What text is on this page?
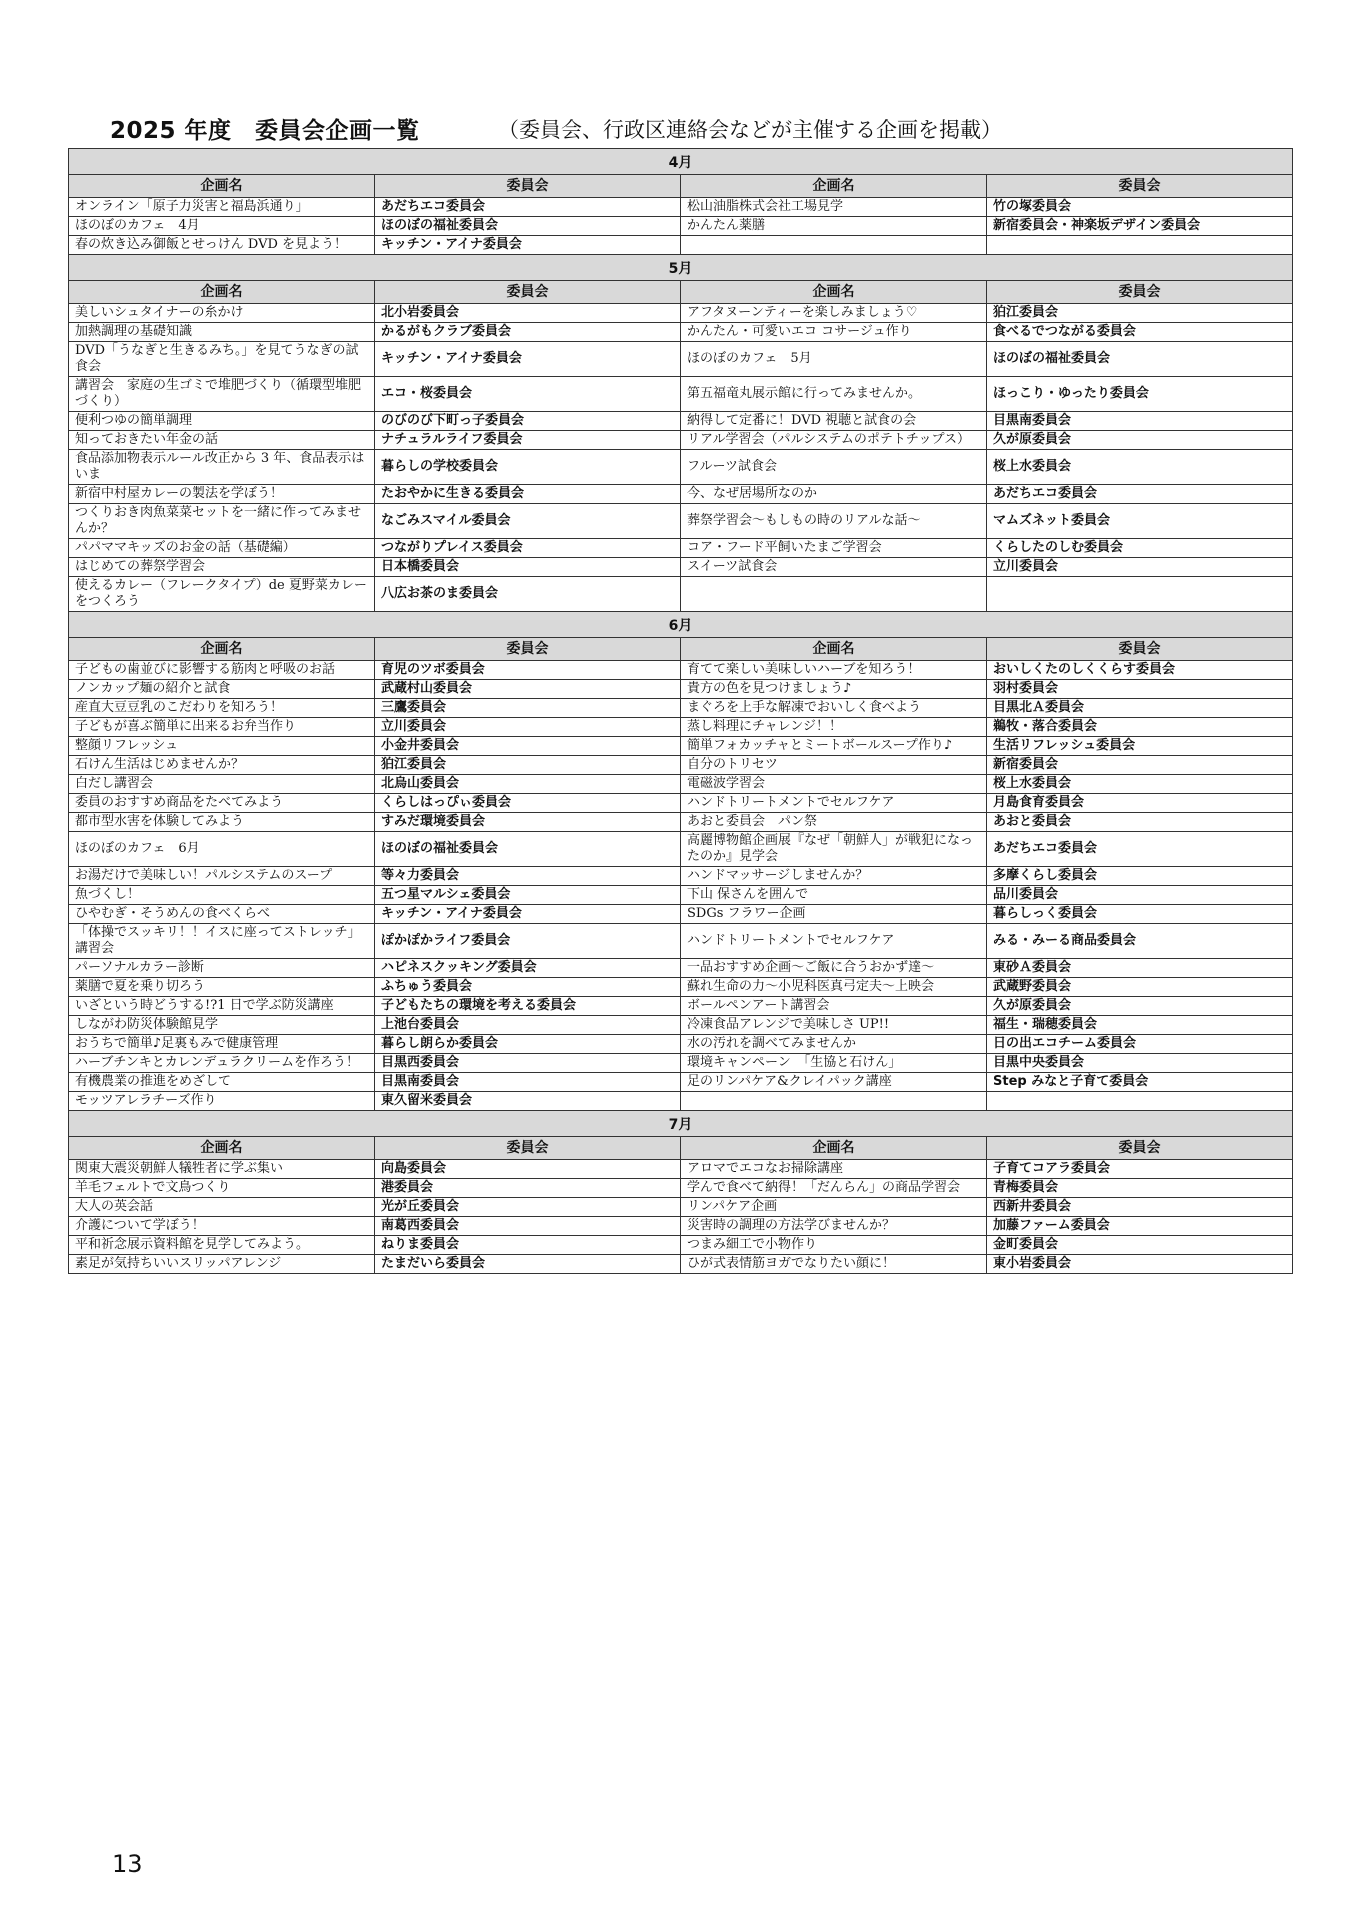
2025 年度　委員会企画一覧	（委員会、行政区連絡会などが主催する企画を掲載）
4月			
企画名	委員会	企画名	委員会
オンライン「原子力災害と福島浜通り」	あだちエコ委員会	松山油脂株式会社工場見学	竹の塚委員会
ほのぼのカフェ　4月	ほのぼの福祉委員会	かんたん薬膳	新宿委員会・神楽坂デザイン委員会
春の炊き込み御飯とせっけん DVD を見よう！	キッチン・アイナ委員会		
5月			
企画名	委員会	企画名	委員会
美しいシュタイナーの糸かけ	北小岩委員会	アフタヌーンティーを楽しみましょう♡	狛江委員会
加熱調理の基礎知識	かるがもクラブ委員会	かんたん・可愛いエコ コサージュ作り	食べるでつながる委員会
DVD「うなぎと生きるみち。」を見てうなぎの試食会	キッチン・アイナ委員会	ほのぼのカフェ　5月	ほのぼの福祉委員会
講習会　家庭の生ゴミで堆肥づくり（循環型堆肥づくり）	エコ・桜委員会	第五福竜丸展示館に行ってみませんか。	ほっこり・ゆったり委員会
便利つゆの簡単調理	のびのび下町っ子委員会	納得して定番に！DVD 視聴と試食の会	目黒南委員会
知っておきたい年金の話	ナチュラルライフ委員会	リアル学習会（パルシステムのポテトチップス）	久が原委員会
食品添加物表示ルール改正から 3 年、食品表示はいま	暮らしの学校委員会	フルーツ試食会	桜上水委員会
新宿中村屋カレーの製法を学ぼう！	たおやかに生きる委員会	今、なぜ居場所なのか	あだちエコ委員会
つくりおき肉魚菜菜セットを一緒に作ってみませんか？	なごみスマイル委員会	葬祭学習会～もしもの時のリアルな話～	マムズネット委員会
パパママキッズのお金の話（基礎編）	つながりプレイス委員会	コア・フード平飼いたまご学習会	くらしたのしむ委員会
はじめての葬祭学習会	日本橋委員会	スイーツ試食会	立川委員会
使えるカレー（フレークタイプ）de 夏野菜カレーをつくろう	八広お茶のま委員会		
6月			
企画名	委員会	企画名	委員会
子どもの歯並びに影響する筋肉と呼吸のお話	育児のツボ委員会	育てて楽しい美味しいハーブを知ろう！	おいしくたのしくくらす委員会
ノンカップ麺の紹介と試食	武蔵村山委員会	貴方の色を見つけましょう♪	羽村委員会
産直大豆豆乳のこだわりを知ろう！	三鷹委員会	まぐろを上手な解凍でおいしく食べよう	目黒北Ａ委員会
子どもが喜ぶ簡単に出来るお弁当作り	立川委員会	蒸し料理にチャレンジ！！	鵜牧・落合委員会
整顔リフレッシュ	小金井委員会	簡単フォカッチャとミートボールスープ作り♪	生活リフレッシュ委員会
石けん生活はじめませんか？	狛江委員会	自分のトリセツ	新宿委員会
白だし講習会	北烏山委員会	電磁波学習会	桜上水委員会
委員のおすすめ商品をたべてみよう	くらしはっぴぃ委員会	ハンドトリートメントでセルフケア	月島食育委員会
都市型水害を体験してみよう	すみだ環境委員会	あおと委員会　パン祭	あおと委員会
ほのぼのカフェ　6月	ほのぼの福祉委員会	高麗博物館企画展『なぜ「朝鮮人」が戦犯になったのか』見学会	あだちエコ委員会
お湯だけで美味しい！パルシステムのスープ	等々力委員会	ハンドマッサージしませんか？	多摩くらし委員会
魚づくし！	五つ星マルシェ委員会	下山 保さんを囲んで	品川委員会
ひやむぎ・そうめんの食べくらべ	キッチン・アイナ委員会	SDGs フラワー企画	暮らしっく委員会
「体操でスッキリ！！イスに座ってストレッチ」講習会	ぽかぽかライフ委員会	ハンドトリートメントでセルフケア	みる・みーる商品委員会
パーソナルカラー診断	ハピネスクッキング委員会	一品おすすめ企画～ご飯に合うおかず達～	東砂Ａ委員会
薬膳で夏を乗り切ろう	ふちゅう委員会	蘇れ生命の力～小児科医真弓定夫～上映会	武蔵野委員会
いざという時どうする!?1 日で学ぶ防災講座	子どもたちの環境を考える委員会	ボールペンアート講習会	久が原委員会
しながわ防災体験館見学	上池台委員会	冷凍食品アレンジで美味しさ UP!!	福生・瑞穂委員会
おうちで簡単♪足裏もみで健康管理	暮らし朗らか委員会	水の汚れを調べてみませんか	日の出エコチーム委員会
ハーブチンキとカレンデュラクリームを作ろう！	目黒西委員会	環境キャンペーン　「生協と石けん」	目黒中央委員会
有機農業の推進をめざして	目黒南委員会	足のリンパケア&クレイパック講座	Step みなと子育て委員会
モッツアレラチーズ作り	東久留米委員会		
7月			
企画名	委員会	企画名	委員会
関東大震災朝鮮人犠牲者に学ぶ集い	向島委員会	アロマでエコなお掃除講座	子育てコアラ委員会
羊毛フェルトで文鳥つくり	港委員会	学んで食べて納得！「だんらん」の商品学習会	青梅委員会
大人の英会話	光が丘委員会	リンパケア企画	西新井委員会
介護について学ぼう！	南葛西委員会	災害時の調理の方法学びませんか？	加藤ファーム委員会
平和祈念展示資料館を見学してみよう。	ねりま委員会	つまみ細工で小物作り	金町委員会
素足が気持ちいいスリッパアレンジ	たまだいら委員会	ひが式表情筋ヨガでなりたい顔に！	東小岩委員会
13
